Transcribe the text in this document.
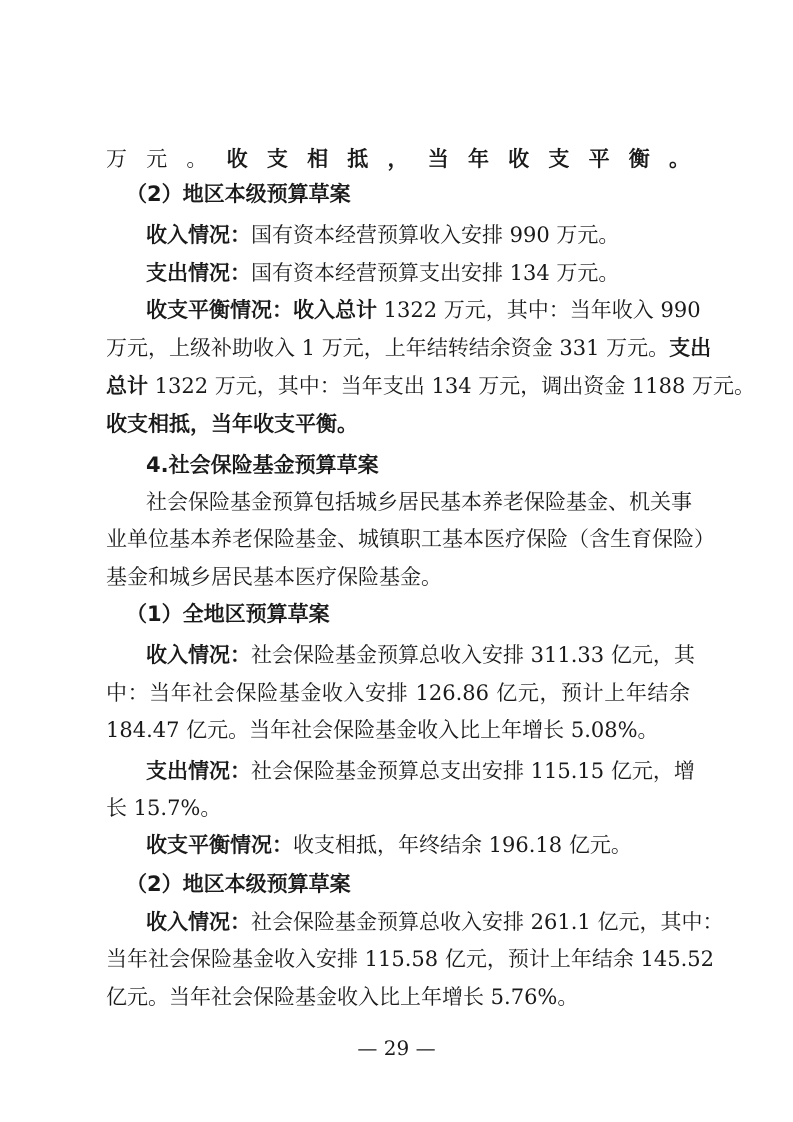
万元。收支相抵，当年收支平衡。
（2）地区本级预算草案
收入情况：国有资本经营预算收入安排 990 万元。
支出情况：国有资本经营预算支出安排 134 万元。
收支平衡情况：收入总计 1322 万元，其中：当年收入 990
万元，上级补助收入 1 万元，上年结转结余资金 331 万元。支出
总计 1322 万元，其中：当年支出 134 万元，调出资金 1188 万元。
收支相抵，当年收支平衡。
4.社会保险基金预算草案
社会保险基金预算包括城乡居民基本养老保险基金、机关事
业单位基本养老保险基金、城镇职工基本医疗保险（含生育保险）
基金和城乡居民基本医疗保险基金。
（1）全地区预算草案
收入情况：社会保险基金预算总收入安排 311.33 亿元，其
中：当年社会保险基金收入安排 126.86 亿元，预计上年结余
184.47 亿元。当年社会保险基金收入比上年增长 5.08%。
支出情况：社会保险基金预算总支出安排 115.15 亿元，增
长 15.7%。
收支平衡情况：收支相抵，年终结余 196.18 亿元。
（2）地区本级预算草案
收入情况：社会保险基金预算总收入安排 261.1 亿元，其中：
当年社会保险基金收入安排 115.58 亿元，预计上年结余 145.52
亿元。当年社会保险基金收入比上年增长 5.76%。
— 29 —
